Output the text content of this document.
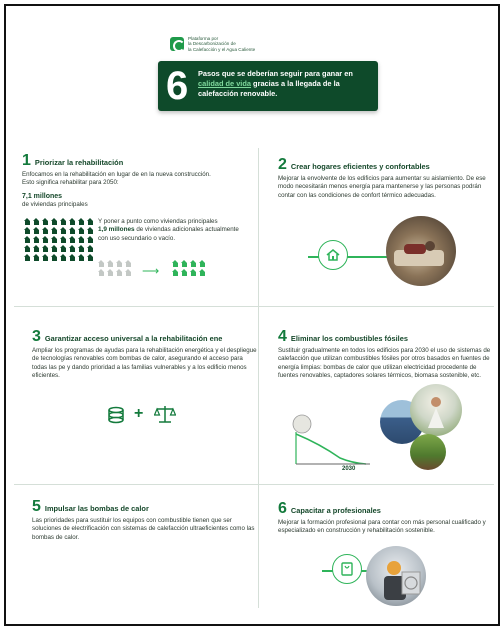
Plataforma por
la Descarbonización de
la Calefacción y el Agua Caliente
6 Pasos que se deberían seguir para ganar en calidad de vida gracias a la llegada de la calefacción renovable.
1 Priorizar la rehabilitación
Enfocamos en la rehabilitación en lugar de en la nueva construcción. Esto significa rehabilitar para 2050:
7,1 millones
de viviendas principales
Y poner a punto como viviendas principales
1,9 millones de viviendas adicionales actualmente con uso secundario o vacío.
⟶
2 Crear hogares eficientes y confortables
Mejorar la envolvente de los edificios para aumentar su aislamiento. De ese modo necesitarán menos energía para mantenerse y las personas podrán contar con las condiciones de confort térmico adecuadas.
3 Garantizar acceso universal a la rehabilitación ene
Ampliar los programas de ayudas para la rehabilitación energética y el despliegue de tecnologías renovables com bombas de calor, asegurando el acceso para todas las pe y dando prioridad a las familias vulnerables y a los edificio menos eficientes.
+
4 Eliminar los combustibles fósiles
Sustituir gradualmente en todos los edificios para 2030 el uso de sistemas de calefacción que utilizan combustibles fósiles por otros basados en fuentes de energía limpias: bombas de calor que utilizan electricidad procedente de fuentes renovables, captadores solares térmicos, biomasa sostenible, etc.
2030
5 Impulsar las bombas de calor
Las prioridades para sustituir los equipos con combustible tienen que ser soluciones de electrificación con sistemas de calefacción ultraeficientes como las bombas de calor.
6 Capacitar a profesionales
Mejorar la formación profesional para contar con más personal cualificado y especializado en construcción y rehabilitación sostenible.
